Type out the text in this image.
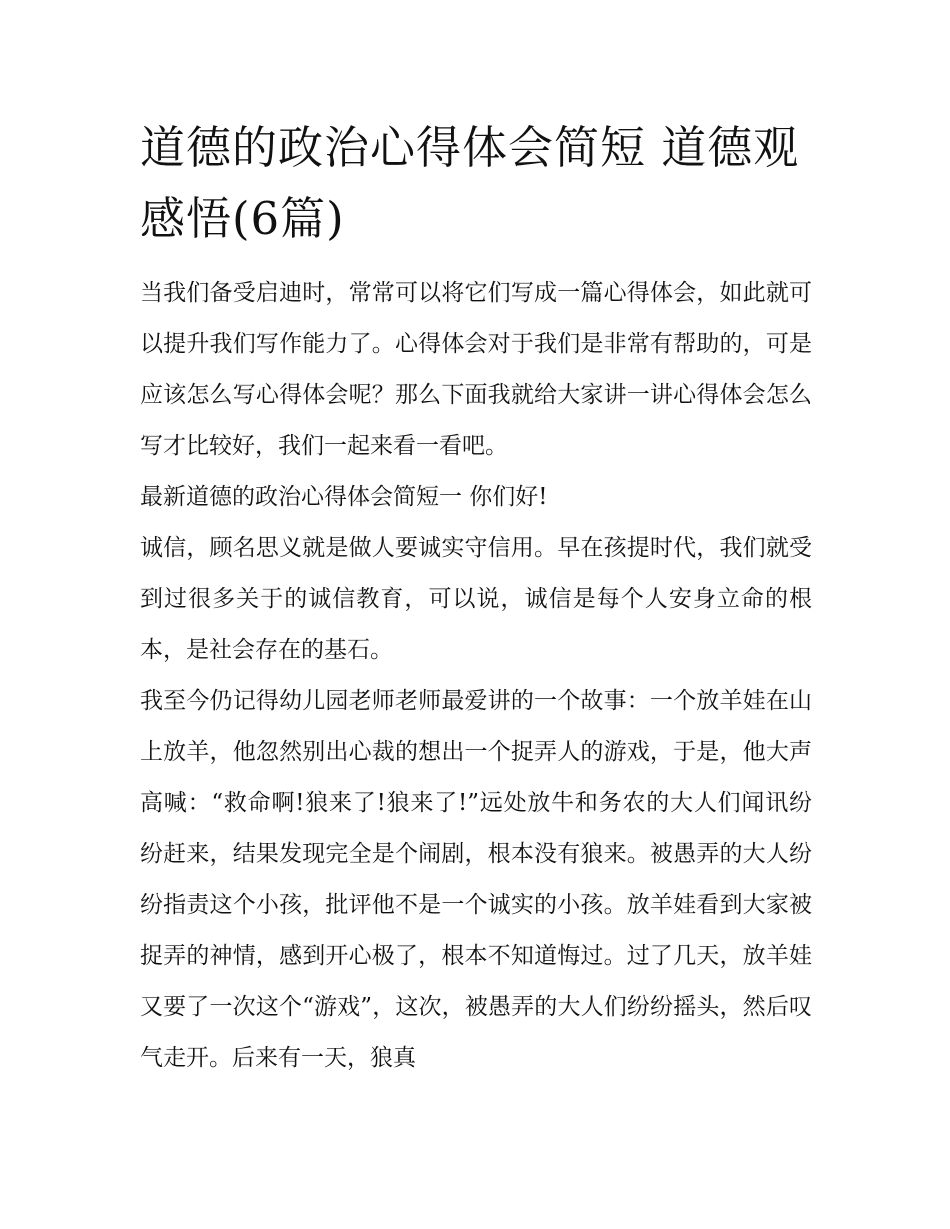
道德的政治心得体会简短 道德观感悟(6篇)

当我们备受启迪时，常常可以将它们写成一篇心得体会，如此就可以提升我们写作能力了。心得体会对于我们是非常有帮助的，可是应该怎么写心得体会呢？那么下面我就给大家讲一讲心得体会怎么写才比较好，我们一起来看一看吧。

最新道德的政治心得体会简短一 你们好!

诚信，顾名思义就是做人要诚实守信用。早在孩提时代，我们就受到过很多关于的诚信教育，可以说，诚信是每个人安身立命的根本，是社会存在的基石。

我至今仍记得幼儿园老师老师最爱讲的一个故事：一个放羊娃在山上放羊，他忽然别出心裁的想出一个捉弄人的游戏，于是，他大声高喊：“救命啊!狼来了!狼来了!”远处放牛和务农的大人们闻讯纷纷赶来，结果发现完全是个闹剧，根本没有狼来。被愚弄的大人纷纷指责这个小孩，批评他不是一个诚实的小孩。放羊娃看到大家被捉弄的神情，感到开心极了，根本不知道悔过。过了几天，放羊娃又要了一次这个“游戏”，这次，被愚弄的大人们纷纷摇头，然后叹气走开。后来有一天，狼真
